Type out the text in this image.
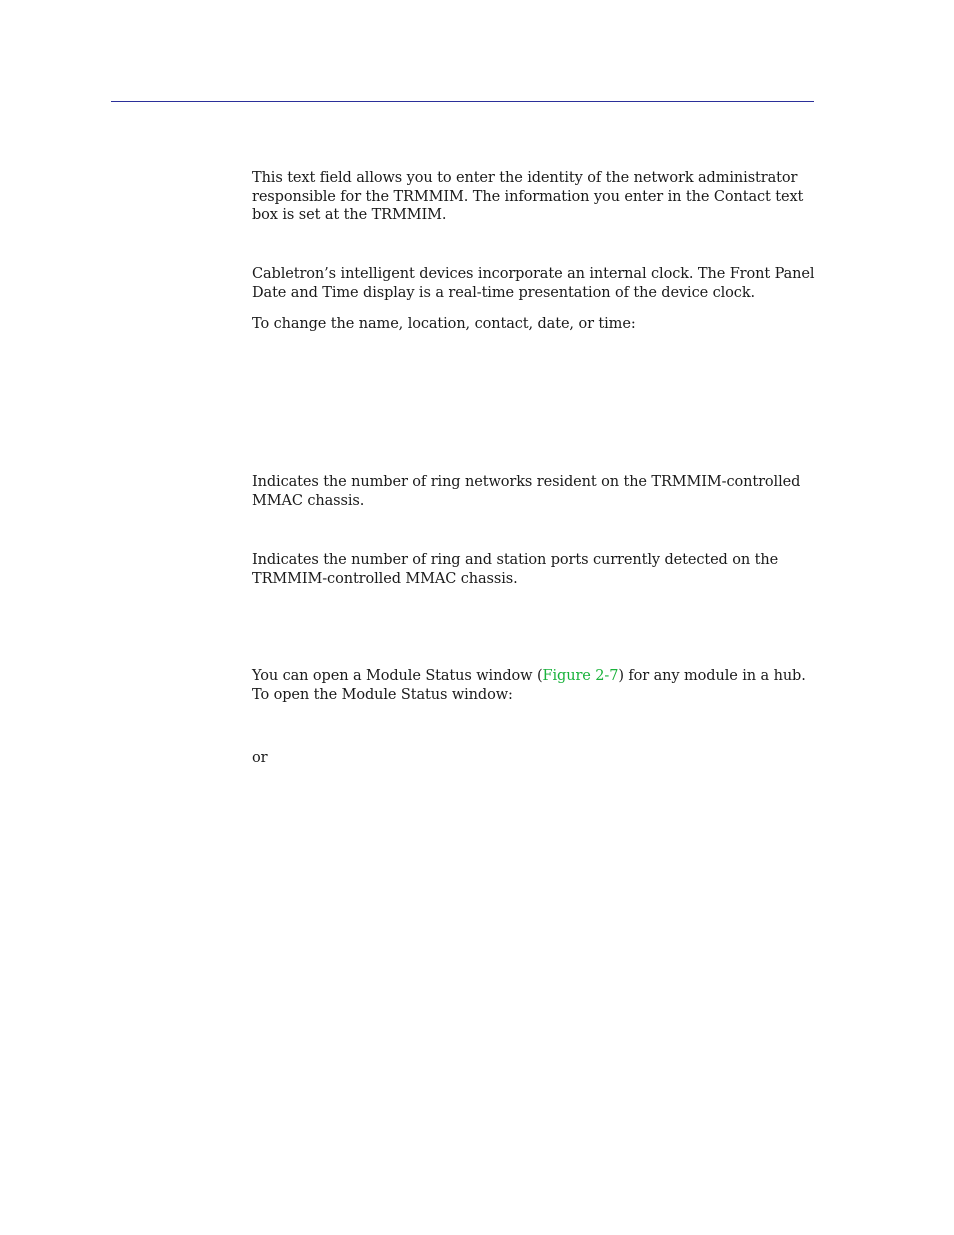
This text field allows you to enter the identity of the network administrator responsible for the TRMMIM. The information you enter in the Contact text box is set at the TRMMIM.

Cabletron’s intelligent devices incorporate an internal clock. The Front Panel Date and Time display is a real-time presentation of the device clock.

To change the name, location, contact, date, or time:

Indicates the number of ring networks resident on the TRMMIM-controlled MMAC chassis.

Indicates the number of ring and station ports currently detected on the TRMMIM-controlled MMAC chassis.

You can open a Module Status window (Figure 2-7) for any module in a hub. To open the Module Status window:

or
